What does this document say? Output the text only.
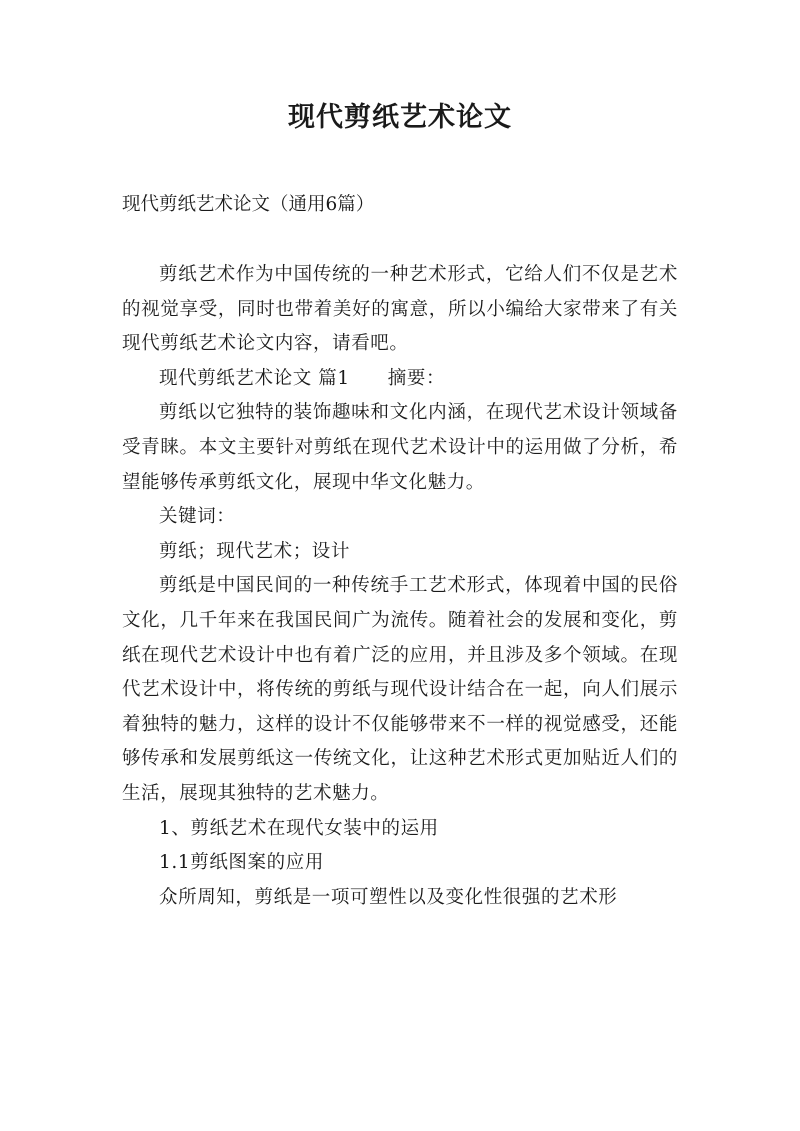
现代剪纸艺术论文

现代剪纸艺术论文（通用6篇）

剪纸艺术作为中国传统的一种艺术形式，它给人们不仅是艺术的视觉享受，同时也带着美好的寓意，所以小编给大家带来了有关现代剪纸艺术论文内容，请看吧。

现代剪纸艺术论文 篇1 摘要：

剪纸以它独特的装饰趣味和文化内涵，在现代艺术设计领域备受青睐。本文主要针对剪纸在现代艺术设计中的运用做了分析，希望能够传承剪纸文化，展现中华文化魅力。

关键词：

剪纸；现代艺术；设计

剪纸是中国民间的一种传统手工艺术形式，体现着中国的民俗文化，几千年来在我国民间广为流传。随着社会的发展和变化，剪纸在现代艺术设计中也有着广泛的应用，并且涉及多个领域。在现代艺术设计中，将传统的剪纸与现代设计结合在一起，向人们展示着独特的魅力，这样的设计不仅能够带来不一样的视觉感受，还能够传承和发展剪纸这一传统文化，让这种艺术形式更加贴近人们的生活，展现其独特的艺术魅力。

1、剪纸艺术在现代女装中的运用

1.1剪纸图案的应用

众所周知，剪纸是一项可塑性以及变化性很强的艺术形
